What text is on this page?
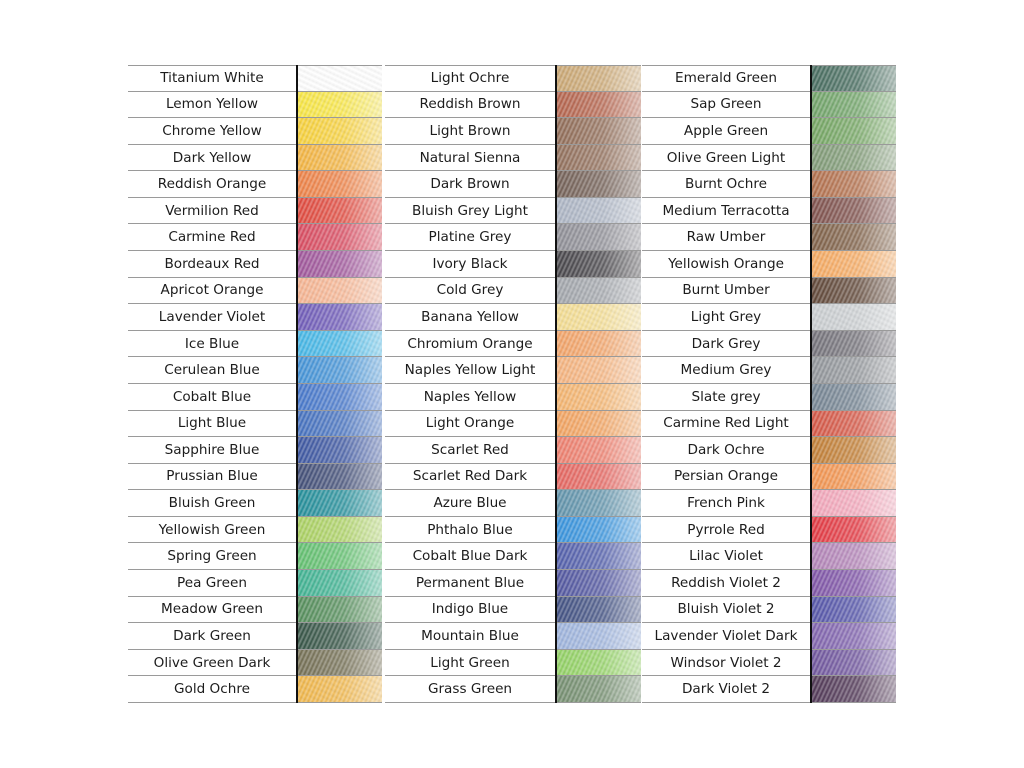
Titanium White
Lemon Yellow
Chrome Yellow
Dark Yellow
Reddish Orange
Vermilion Red
Carmine Red
Bordeaux Red
Apricot Orange
Lavender Violet
Ice Blue
Cerulean Blue
Cobalt Blue
Light Blue
Sapphire Blue
Prussian Blue
Bluish Green
Yellowish Green
Spring Green
Pea Green
Meadow Green
Dark Green
Olive Green Dark
Gold Ochre
Light Ochre
Reddish Brown
Light Brown
Natural Sienna
Dark Brown
Bluish Grey Light
Platine Grey
Ivory Black
Cold Grey
Banana Yellow
Chromium Orange
Naples Yellow Light
Naples Yellow
Light Orange
Scarlet Red
Scarlet Red Dark
Azure Blue
Phthalo Blue
Cobalt Blue Dark
Permanent Blue
Indigo Blue
Mountain Blue
Light Green
Grass Green
Emerald Green
Sap Green
Apple Green
Olive Green Light
Burnt Ochre
Medium Terracotta
Raw Umber
Yellowish Orange
Burnt Umber
Light Grey
Dark Grey
Medium Grey
Slate grey
Carmine Red Light
Dark Ochre
Persian Orange
French Pink
Pyrrole Red
Lilac Violet
Reddish Violet 2
Bluish Violet 2
Lavender Violet Dark
Windsor Violet 2
Dark Violet 2
